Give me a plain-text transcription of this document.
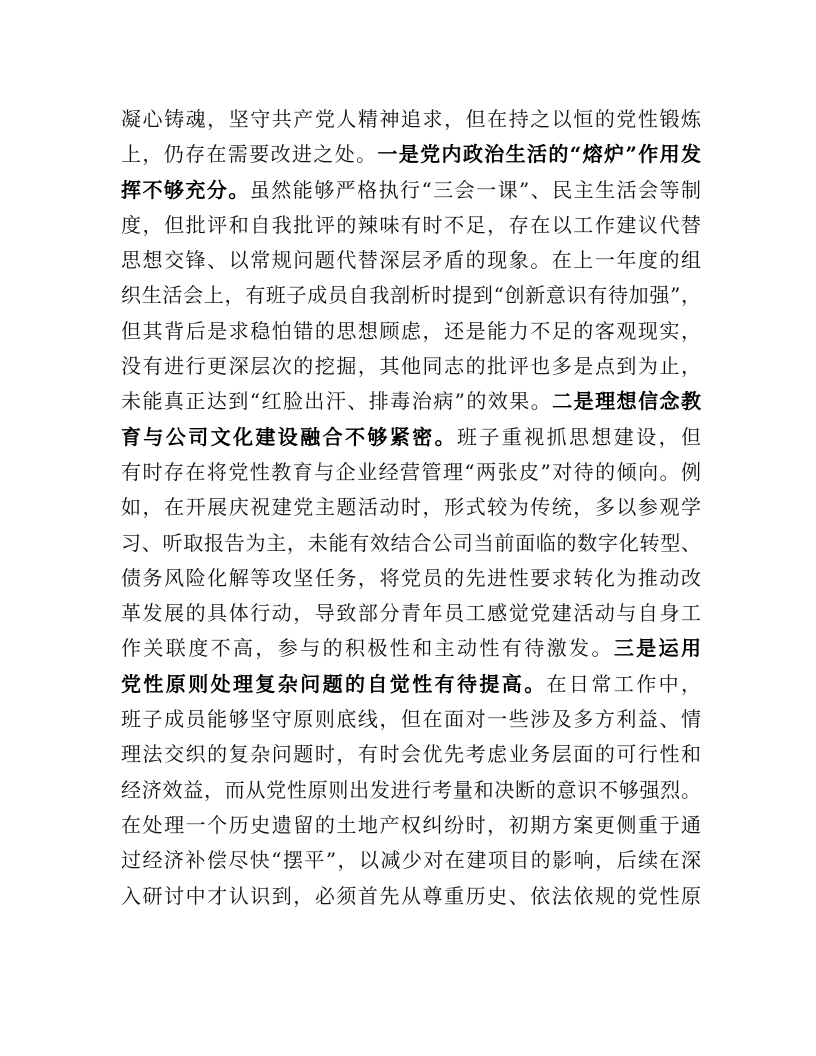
凝心铸魂，坚守共产党人精神追求，但在持之以恒的党性锻炼
上，仍存在需要改进之处。一是党内政治生活的“熔炉”作用发
挥不够充分。虽然能够严格执行“三会一课”、民主生活会等制
度，但批评和自我批评的辣味有时不足，存在以工作建议代替
思想交锋、以常规问题代替深层矛盾的现象。在上一年度的组
织生活会上，有班子成员自我剖析时提到“创新意识有待加强”，
但其背后是求稳怕错的思想顾虑，还是能力不足的客观现实，
没有进行更深层次的挖掘，其他同志的批评也多是点到为止，
未能真正达到“红脸出汗、排毒治病”的效果。二是理想信念教
育与公司文化建设融合不够紧密。班子重视抓思想建设，但
有时存在将党性教育与企业经营管理“两张皮”对待的倾向。例
如，在开展庆祝建党主题活动时，形式较为传统，多以参观学
习、听取报告为主，未能有效结合公司当前面临的数字化转型、
债务风险化解等攻坚任务，将党员的先进性要求转化为推动改
革发展的具体行动，导致部分青年员工感觉党建活动与自身工
作关联度不高，参与的积极性和主动性有待激发。三是运用
党性原则处理复杂问题的自觉性有待提高。在日常工作中，
班子成员能够坚守原则底线，但在面对一些涉及多方利益、情
理法交织的复杂问题时，有时会优先考虑业务层面的可行性和
经济效益，而从党性原则出发进行考量和决断的意识不够强烈。
在处理一个历史遗留的土地产权纠纷时，初期方案更侧重于通
过经济补偿尽快“摆平”，以减少对在建项目的影响，后续在深
入研讨中才认识到，必须首先从尊重历史、依法依规的党性原
